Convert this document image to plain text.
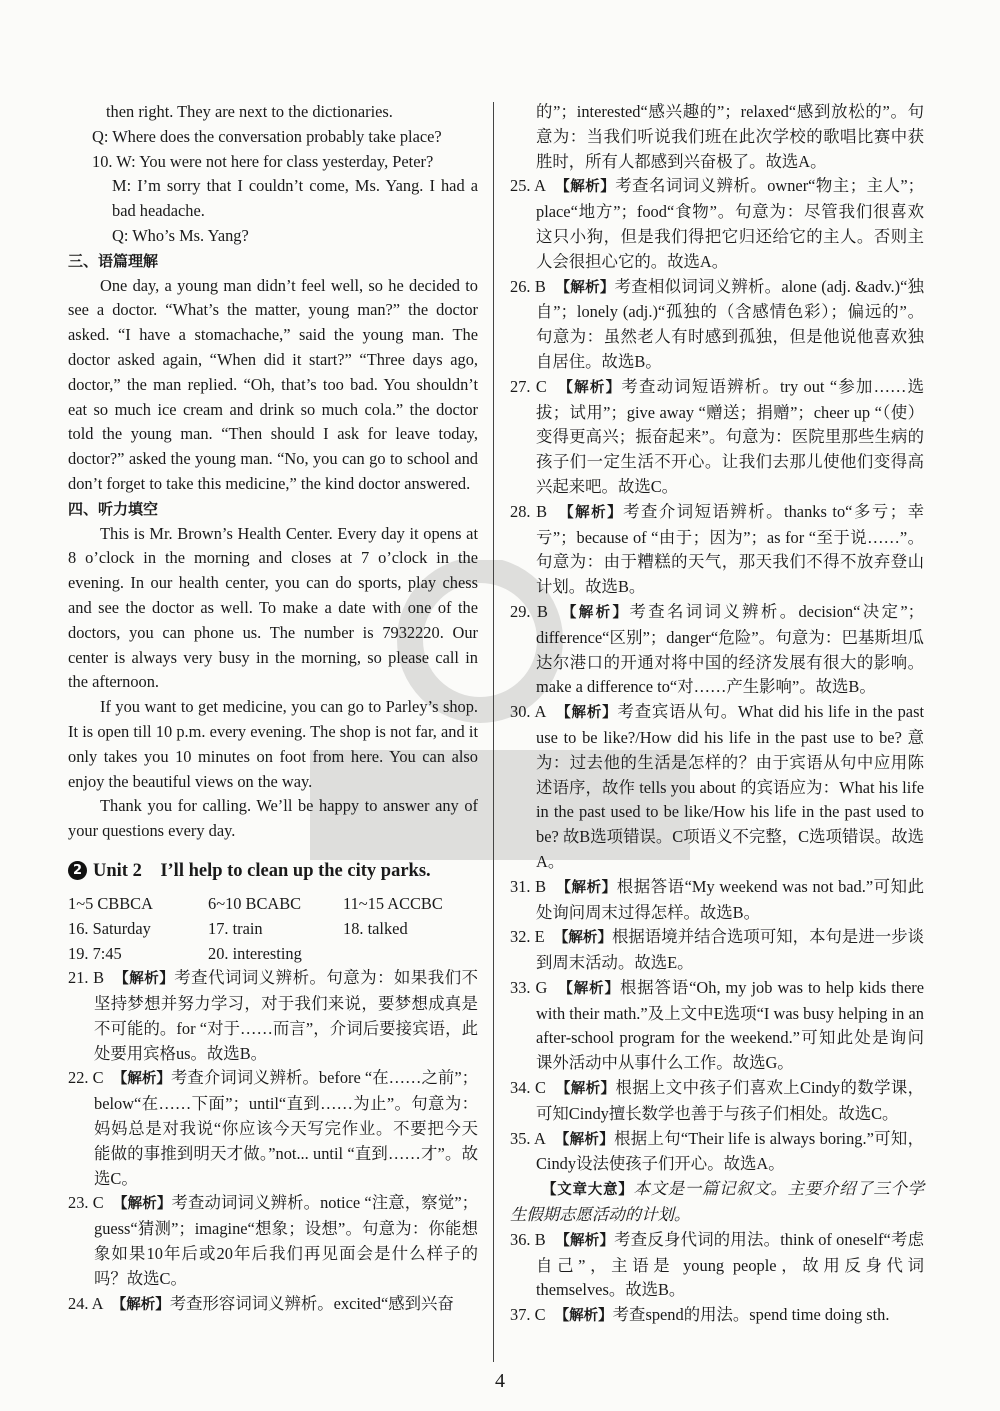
then right. They are next to the dictionaries.

Q: Where does the conversation probably take place?

10. W: You were not here for class yesterday, Peter?

M: I’m sorry that I couldn’t come, Ms. Yang. I had a bad headache.

Q: Who’s Ms. Yang?

三、语篇理解

One day, a young man didn’t feel well, so he decided to see a doctor. “What’s the matter, young man?” the doctor asked. “I have a stomachache,” said the young man. The doctor asked again, “When did it start?” “Three days ago, doctor,” the man replied. “Oh, that’s too bad. You shouldn’t eat so much ice cream and drink so much cola.” the doctor told the young man. “Then should I ask for leave today, doctor?” asked the young man. “No, you can go to school and don’t forget to take this medicine,” the kind doctor answered.

四、听力填空

This is Mr. Brown’s Health Center. Every day it opens at 8 o’clock in the morning and closes at 7 o’clock in the evening. In our health center, you can do sports, play chess and see the doctor as well. To make a date with one of the doctors, you can phone us. The number is 7932220. Our center is always very busy in the morning, so please call in the afternoon.

If you want to get medicine, you can go to Parley’s shop. It is open till 10 p.m. every evening. The shop is not far, and it only takes you 10 minutes on foot from here. You can also enjoy the beautiful views on the way.

Thank you for calling. We’ll be happy to answer any of your questions every day.

2 Unit 2　I’ll help to clean up the city parks.
1~5 CBBCA	6~10 BCABC	11~15 ACCBC
16. Saturday	17. train	18. talked
19. 7:45	20. interesting

21. B　 【解析】考查代词词义辨析。句意为：如果我们不坚持梦想并努力学习，对于我们来说，要梦想成真是不可能的。for “对于……而言”，介词后要接宾语，此处要用宾格us。故选B。

22. C　 【解析】考查介词词义辨析。before “在……之前”；below“在……下面”；until“直到……为止”。句意为：妈妈总是对我说“你应该今天写完作业。不要把今天能做的事推到明天才做。”not... until “直到……才”。故选C。

23. C　 【解析】考查动词词义辨析。notice “注意，察觉”；guess“猜测”；imagine“想象；设想”。句意为：你能想象如果10年后或20年后我们再见面会是什么样子的吗？故选C。

24. A　 【解析】考查形容词词义辨析。excited“感到兴奋

的”；interested“感兴趣的”；relaxed“感到放松的”。句意为：当我们听说我们班在此次学校的歌唱比赛中获胜时，所有人都感到兴奋极了。故选A。

25. A　 【解析】考查名词词义辨析。owner“物主；主人”；place“地方”；food“食物”。句意为：尽管我们很喜欢这只小狗，但是我们得把它归还给它的主人。否则主人会很担心它的。故选A。

26. B　 【解析】考查相似词词义辨析。alone (adj. &adv.)“独自”；lonely (adj.)“孤独的（含感情色彩）；偏远的”。句意为：虽然老人有时感到孤独，但是他说他喜欢独自居住。故选B。

27. C　 【解析】考查动词短语辨析。try out “参加……选拔；试用”；give away “赠送；捐赠”；cheer up “（使）变得更高兴；振奋起来”。句意为：医院里那些生病的孩子们一定生活不开心。让我们去那儿使他们变得高兴起来吧。故选C。

28. B　 【解析】考查介词短语辨析。thanks to“多亏；幸亏”；because of “由于；因为”；as for “至于说……”。句意为：由于糟糕的天气，那天我们不得不放弃登山计划。故选B。

29. B　 【解析】考查名词词义辨析。decision“决定”；difference“区别”；danger“危险”。句意为：巴基斯坦瓜达尔港口的开通对将中国的经济发展有很大的影响。make a difference to“对……产生影响”。故选B。

30. A　 【解析】考查宾语从句。What did his life in the past use to be like?/How did his life in the past use to be? 意为：过去他的生活是怎样的？由于宾语从句中应用陈述语序，故作 tells you about 的宾语应为：What his life in the past used to be like/How his life in the past used to be? 故B选项错误。C项语义不完整，C选项错误。故选A。

31. B　 【解析】根据答语“My weekend was not bad.”可知此处询问周末过得怎样。故选B。

32. E　 【解析】根据语境并结合选项可知，本句是进一步谈到周末活动。故选E。

33. G　 【解析】根据答语“Oh, my job was to help kids there with their math.”及上文中E选项“I was busy helping in an after-school program for the weekend.”可知此处是询问课外活动中从事什么工作。故选G。

34. C　 【解析】根据上文中孩子们喜欢上Cindy的数学课，可知Cindy擅长数学也善于与孩子们相处。故选C。

35. A　 【解析】根据上句“Their life is always boring.”可知，Cindy设法使孩子们开心。故选A。

【文章大意】本文是一篇记叙文。主要介绍了三个学生假期志愿活动的计划。

36. B　 【解析】考查反身代词的用法。think of oneself“考虑自己”，主语是 young people，故用反身代词 themselves。故选B。

37. C　 【解析】考查spend的用法。spend time doing sth.

4
